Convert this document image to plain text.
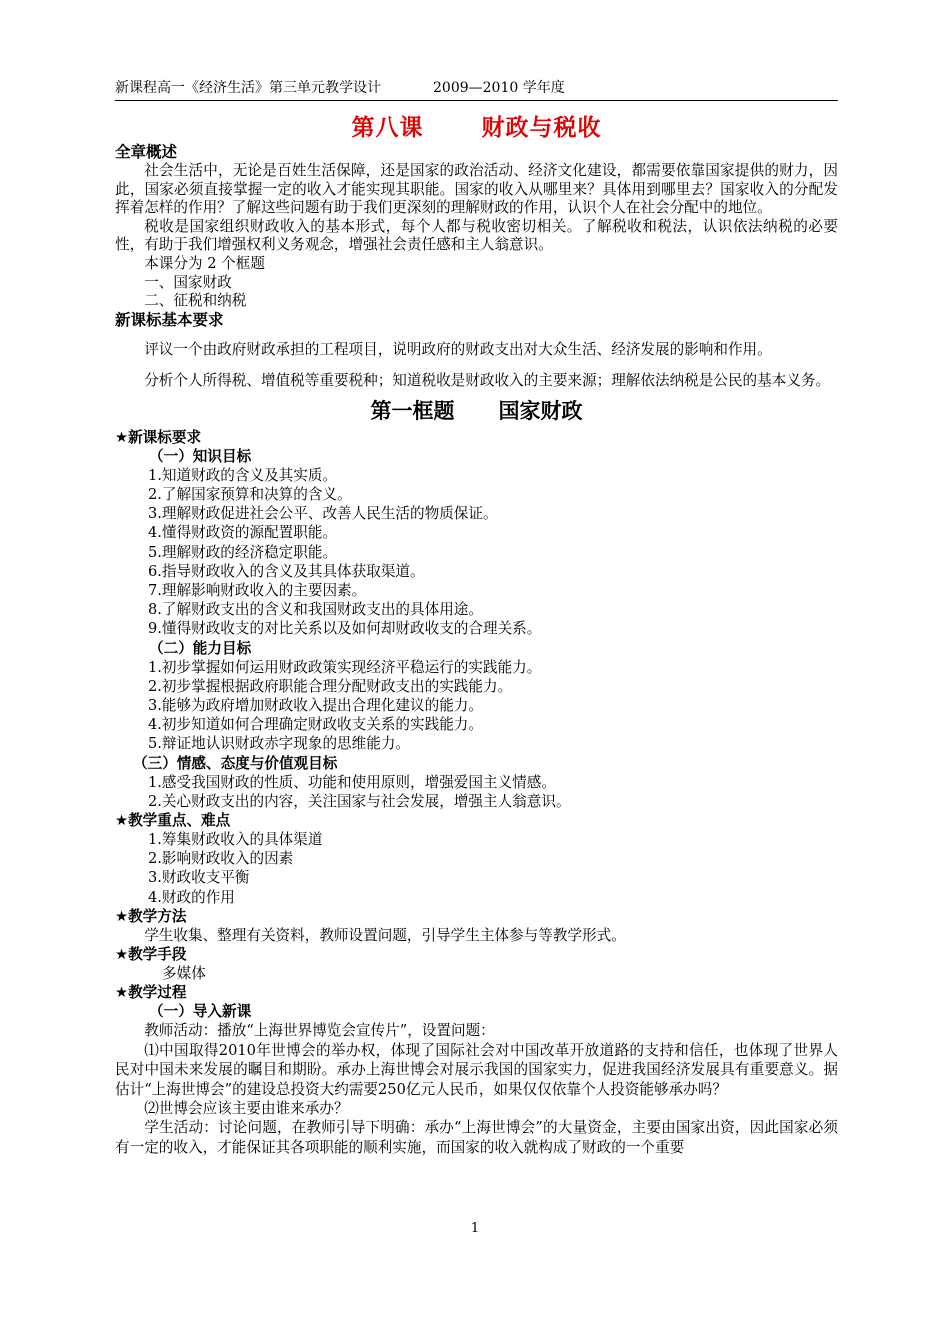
新课程高一《经济生活》第三单元教学设计	2009—2010 学年度
第八课	财政与税收
全章概述
社会生活中，无论是百姓生活保障，还是国家的政治活动、经济文化建设，都需要依靠国家提供的财力，因此，国家必须直接掌握一定的收入才能实现其职能。国家的收入从哪里来？具体用到哪里去？国家收入的分配发挥着怎样的作用？了解这些问题有助于我们更深刻的理解财政的作用，认识个人在社会分配中的地位。
税收是国家组织财政收入的基本形式，每个人都与税收密切相关。了解税收和税法，认识依法纳税的必要性，有助于我们增强权利义务观念，增强社会责任感和主人翁意识。
本课分为 2 个框题
一、国家财政
二、征税和纳税
新课标基本要求
评议一个由政府财政承担的工程项目，说明政府的财政支出对大众生活、经济发展的影响和作用。
分析个人所得税、增值税等重要税种；知道税收是财政收入的主要来源；理解依法纳税是公民的基本义务。
第一框题 国家财政
★新课标要求
（一）知识目标
1.知道财政的含义及其实质。
2.了解国家预算和决算的含义。
3.理解财政促进社会公平、改善人民生活的物质保证。
4.懂得财政资的源配置职能。
5.理解财政的经济稳定职能。
6.指导财政收入的含义及其具体获取渠道。
7.理解影响财政收入的主要因素。
8.了解财政支出的含义和我国财政支出的具体用途。
9.懂得财政收支的对比关系以及如何却财政收支的合理关系。
（二）能力目标
1.初步掌握如何运用财政政策实现经济平稳运行的实践能力。
2.初步掌握根据政府职能合理分配财政支出的实践能力。
3.能够为政府增加财政收入提出合理化建议的能力。
4.初步知道如何合理确定财政收支关系的实践能力。
5.辩证地认识财政赤字现象的思维能力。
（三）情感、态度与价值观目标
1.感受我国财政的性质、功能和使用原则，增强爱国主义情感。
2.关心财政支出的内容，关注国家与社会发展，增强主人翁意识。
★教学重点、难点
1.筹集财政收入的具体渠道
2.影响财政收入的因素
3.财政收支平衡
4.财政的作用
★教学方法
学生收集、整理有关资料，教师设置问题，引导学生主体参与等教学形式。
★教学手段
多媒体
★教学过程
（一）导入新课
教师活动：播放“上海世界博览会宣传片”，设置问题：
⑴中国取得2010年世博会的举办权，体现了国际社会对中国改革开放道路的支持和信任，也体现了世界人民对中国未来发展的瞩目和期盼。承办上海世博会对展示我国的国家实力，促进我国经济发展具有重要意义。据估计“上海世博会”的建设总投资大约需要250亿元人民币，如果仅仅依靠个人投资能够承办吗？
⑵世博会应该主要由谁来承办？
学生活动：讨论问题，在教师引导下明确：承办“上海世博会”的大量资金，主要由国家出资，因此国家必须有一定的收入，才能保证其各项职能的顺利实施，而国家的收入就构成了财政的一个重要
1
